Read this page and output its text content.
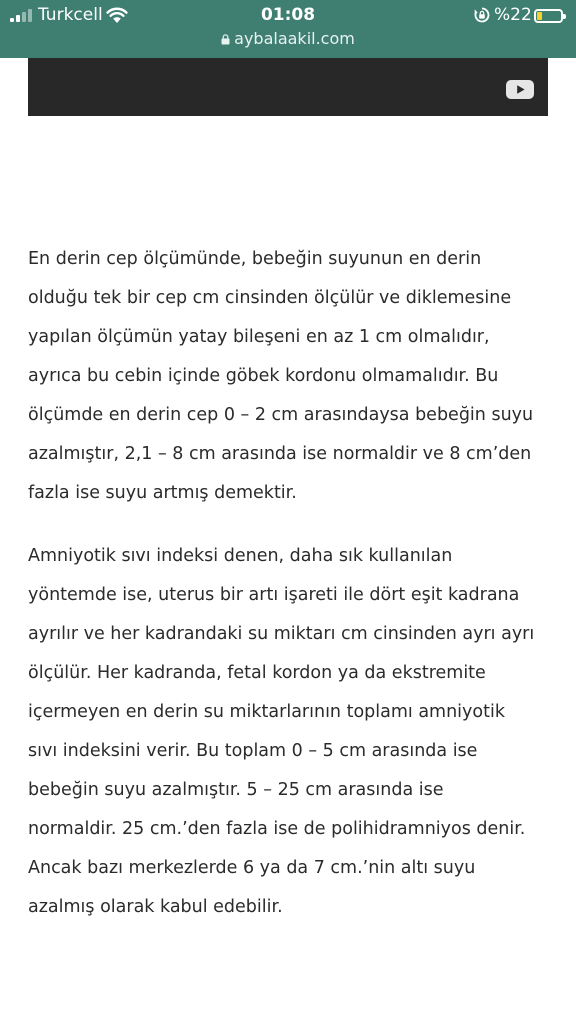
Turkcell	01:08	%22
aybalaakil.com

En derin cep ölçümünde, bebeğin suyunun en derin
olduğu tek bir cep cm cinsinden ölçülür ve diklemesine
yapılan ölçümün yatay bileşeni en az 1 cm olmalıdır,
ayrıca bu cebin içinde göbek kordonu olmamalıdır. Bu
ölçümde en derin cep 0 – 2 cm arasındaysa bebeğin suyu
azalmıştır, 2,1 – 8 cm arasında ise normaldir ve 8 cm’den
fazla ise suyu artmış demektir.

Amniyotik sıvı indeksi denen, daha sık kullanılan
yöntemde ise, uterus bir artı işareti ile dört eşit kadrana
ayrılır ve her kadrandaki su miktarı cm cinsinden ayrı ayrı
ölçülür. Her kadranda, fetal kordon ya da ekstremite
içermeyen en derin su miktarlarının toplamı amniyotik
sıvı indeksini verir. Bu toplam 0 – 5 cm arasında ise
bebeğin suyu azalmıştır. 5 – 25 cm arasında ise
normaldir. 25 cm.’den fazla ise de polihidramniyos denir.
Ancak bazı merkezlerde 6 ya da 7 cm.’nin altı suyu
azalmış olarak kabul edebilir.
